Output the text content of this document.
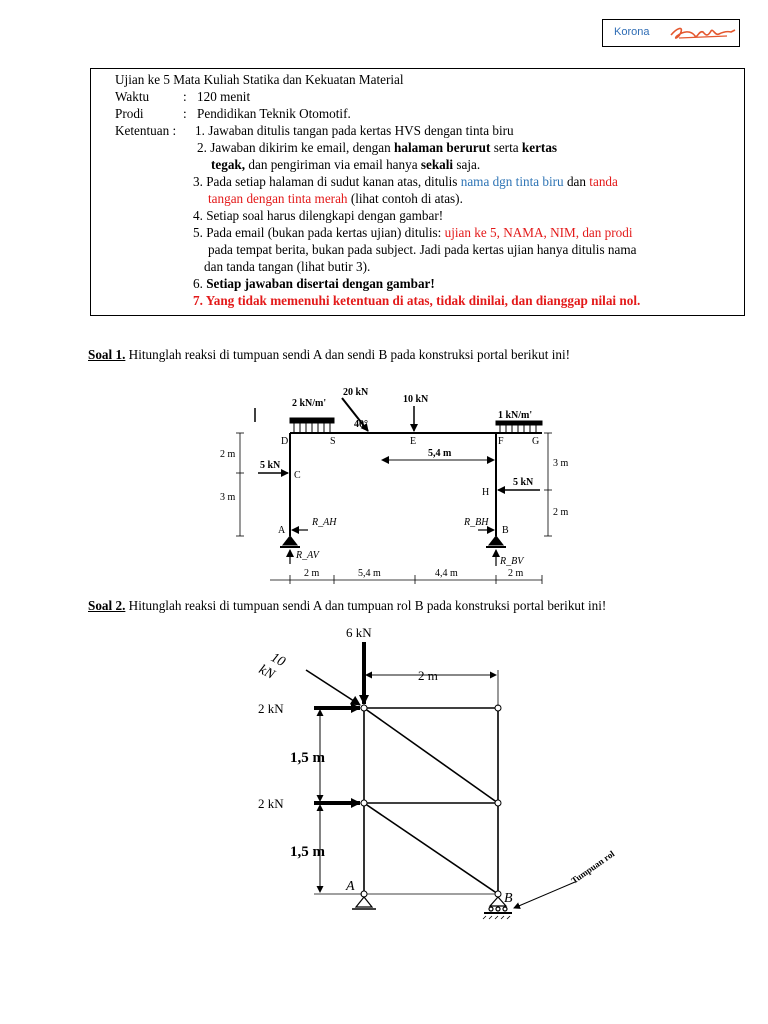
Korona
Ujian ke 5 Mata Kuliah Statika dan Kekuatan Material
Waktu	: 120 menit
Prodi	: Pendidikan Teknik Otomotif.
Ketentuan : 1. Jawaban ditulis tangan pada kertas HVS dengan tinta biru
2. Jawaban dikirim ke email, dengan halaman berurut serta kertas
tegak, dan pengiriman via email hanya sekali saja.
3. Pada setiap halaman di sudut kanan atas, ditulis nama dgn tinta biru dan tanda
tangan dengan tinta merah (lihat contoh di atas).
4. Setiap soal harus dilengkapi dengan gambar!
5. Pada email (bukan pada kertas ujian) ditulis: ujian ke 5, NAMA, NIM, dan prodi
pada tempat berita, bukan pada subject. Jadi pada kertas ujian hanya ditulis nama
dan tanda tangan (lihat butir 3).
6. Setiap jawaban disertai dengan gambar!
7. Yang tidak memenuhi ketentuan di atas, tidak dinilai, dan dianggap nilai nol.
Soal 1. Hitunglah reaksi di tumpuan sendi A dan sendi B pada konstruksi portal berikut ini!
20 kN
10 kN
2 kN/m'
1 kN/m'
40°
D	S	E	F	G
C
H
A	B
5 kN
5 kN
2 m
3 m
3 m
2 m
5,4 m
R_AH
R_AV
R_BH
R_BV
2 m	5,4 m	4,4 m	2 m
Soal 2. Hitunglah reaksi di tumpuan sendi A dan tumpuan rol B pada konstruksi portal berikut ini!
6 kN
10
kN
2 kN
2 kN
2 m
1,5 m
1,5 m
A
B
Tumpuan rol
